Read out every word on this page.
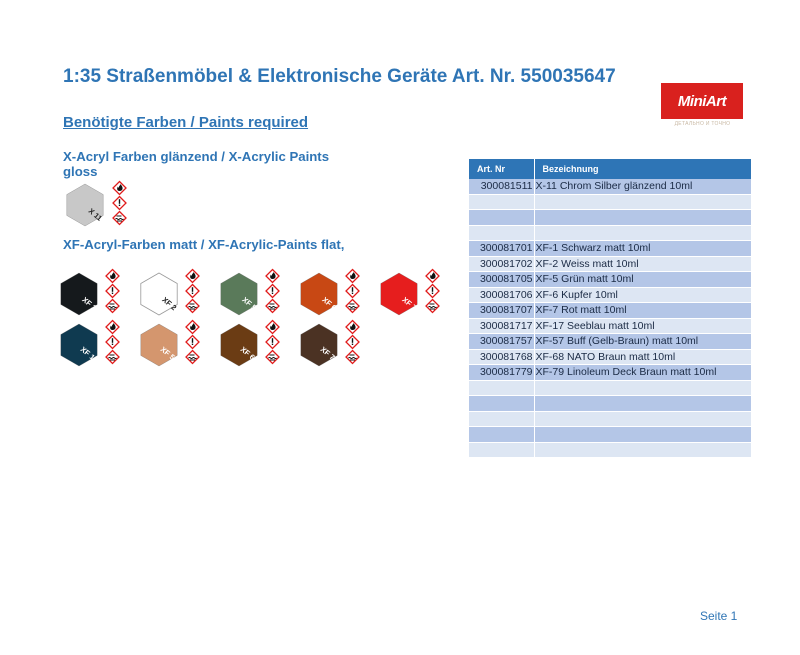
1:35 Straßenmöbel & Elektronische Geräte Art. Nr. 550035647
MiniArt
ДЕТАЛЬНО И ТОЧНО
Benötigte Farben / Paints required
X-Acryl Farben glänzend / X-Acrylic Paints gloss
X 11
XF-Acryl-Farben matt / XF-Acrylic-Paints flat,
XF 1	XF 2	XF 5	XF 6	XF 7
XF 17	XF 57	XF 68	XF 79
Art. Nr	Bezeichnung
300081511	X-11 Chrom Silber glänzend 10ml

300081701	XF-1 Schwarz matt 10ml
300081702	XF-2 Weiss matt 10ml
300081705	XF-5 Grün matt 10ml
300081706	XF-6 Kupfer 10ml
300081707	XF-7 Rot matt 10ml
300081717	XF-17 Seeblau matt 10ml
300081757	XF-57 Buff (Gelb-Braun) matt 10ml
300081768	XF-68 NATO Braun matt 10ml
300081779	XF-79 Linoleum Deck Braun matt 10ml

Seite 1
